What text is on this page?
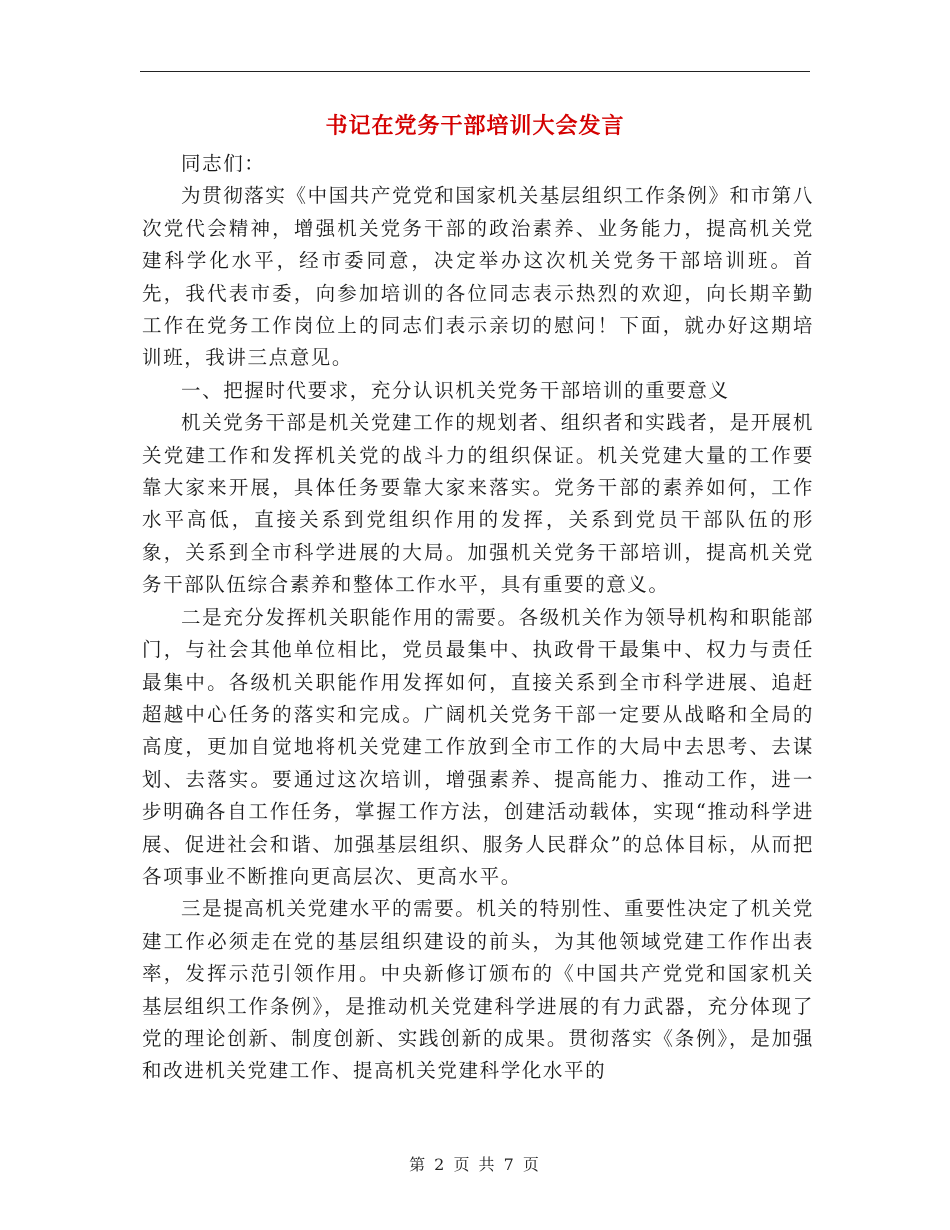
书记在党务干部培训大会发言

同志们：

为贯彻落实《中国共产党党和国家机关基层组织工作条例》和市第八次党代会精神，增强机关党务干部的政治素养、业务能力，提高机关党建科学化水平，经市委同意，决定举办这次机关党务干部培训班。首先，我代表市委，向参加培训的各位同志表示热烈的欢迎，向长期辛勤工作在党务工作岗位上的同志们表示亲切的慰问！下面，就办好这期培训班，我讲三点意见。

一、把握时代要求，充分认识机关党务干部培训的重要意义

机关党务干部是机关党建工作的规划者、组织者和实践者，是开展机关党建工作和发挥机关党的战斗力的组织保证。机关党建大量的工作要靠大家来开展，具体任务要靠大家来落实。党务干部的素养如何，工作水平高低，直接关系到党组织作用的发挥，关系到党员干部队伍的形象，关系到全市科学进展的大局。加强机关党务干部培训，提高机关党务干部队伍综合素养和整体工作水平，具有重要的意义。

二是充分发挥机关职能作用的需要。各级机关作为领导机构和职能部门，与社会其他单位相比，党员最集中、执政骨干最集中、权力与责任最集中。各级机关职能作用发挥如何，直接关系到全市科学进展、追赶超越中心任务的落实和完成。广阔机关党务干部一定要从战略和全局的高度，更加自觉地将机关党建工作放到全市工作的大局中去思考、去谋划、去落实。要通过这次培训，增强素养、提高能力、推动工作，进一步明确各自工作任务，掌握工作方法，创建活动载体，实现“推动科学进展、促进社会和谐、加强基层组织、服务人民群众”的总体目标，从而把各项事业不断推向更高层次、更高水平。

三是提高机关党建水平的需要。机关的特别性、重要性决定了机关党建工作必须走在党的基层组织建设的前头，为其他领域党建工作作出表率，发挥示范引领作用。中央新修订颁布的《中国共产党党和国家机关基层组织工作条例》，是推动机关党建科学进展的有力武器，充分体现了党的理论创新、制度创新、实践创新的成果。贯彻落实《条例》，是加强和改进机关党建工作、提高机关党建科学化水平的

第 2 页 共 7 页
